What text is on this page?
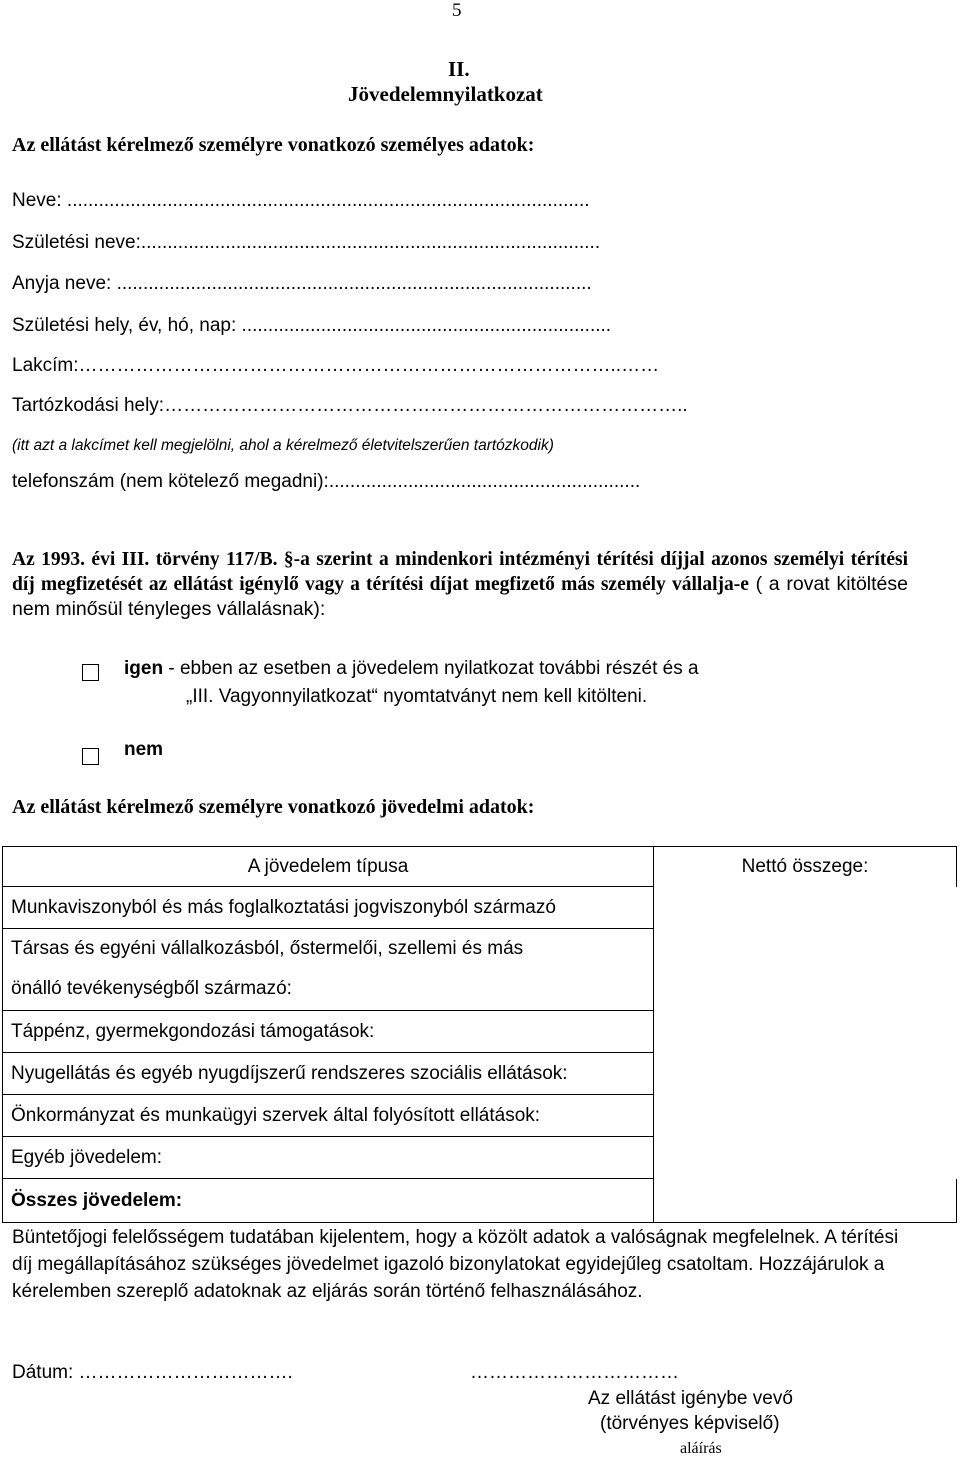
5
II.
Jövedelemnyilatkozat
Az ellátást kérelmező személyre vonatkozó személyes adatok:
Neve: ...................................................................................................
Születési neve:.......................................................................................
Anyja neve: ..........................................................................................
Születési hely, év, hó, nap: ......................................................................
Lakcím:…………………………………………………………………………..……
Tartózkodási hely:………………………………………………………………………..
(itt azt a lakcímet kell megjelölni, ahol a kérelmező életvitelszerűen tartózkodik)
telefonszám (nem kötelező megadni):...........................................................
Az 1993. évi III. törvény 117/B. §-a szerint a mindenkori intézményi térítési díjjal azonos személyi térítési díj megfizetését az ellátást igénylő vagy a térítési díjat megfizető más személy vállalja-e ( a rovat kitöltése nem minősül tényleges vállalásnak):
igen - ebben az esetben a jövedelem nyilatkozat további részét és a
„III. Vagyonnyilatkozat“ nyomtatványt nem kell kitölteni.
nem
Az ellátást kérelmező személyre vonatkozó jövedelmi adatok:
A jövedelem típusa	Nettó összege:
Munkaviszonyból és más foglalkoztatási jogviszonyból származó	
Társas és egyéni vállalkozásból, őstermelői, szellemi és más	
önálló tevékenységből származó:	
Táppénz, gyermekgondozási támogatások:	
Nyugellátás és egyéb nyugdíjszerű rendszeres szociális ellátások:	
Önkormányzat és munkaügyi szervek által folyósított ellátások:	
Egyéb jövedelem:	
Összes jövedelem:	
Büntetőjogi felelősségem tudatában kijelentem, hogy a közölt adatok a valóságnak megfelelnek. A térítési díj megállapításához szükséges jövedelmet igazoló bizonylatokat egyidejűleg csatoltam. Hozzájárulok a kérelemben szereplő adatoknak az eljárás során történő felhasználásához.
Dátum: …………………………….	……………………………
Az ellátást igénybe vevő
(törvényes képviselő)
aláírás
